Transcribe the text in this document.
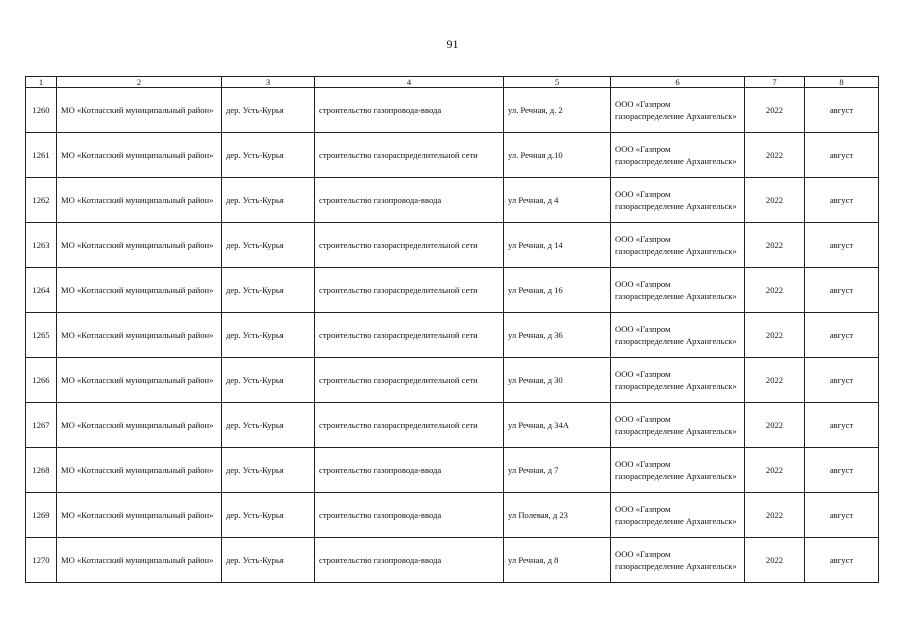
91
1	2	3	4	5	6	7	8
1260	МО «Котласский муниципальный район»	дер. Усть-Курья	строительство газопровода-ввода	ул. Речная, д. 2	ООО «Газпром газораспределение Архангельск»	2022	август
1261	МО «Котласский муниципальный район»	дер. Усть-Курья	строительство газораспределительной сети	ул. Речная д.10	ООО «Газпром газораспределение Архангельск»	2022	август
1262	МО «Котласский муниципальный район»	дер. Усть-Курья	строительство газопровода-ввода	ул Речная, д 4	ООО «Газпром газораспределение Архангельск»	2022	август
1263	МО «Котласский муниципальный район»	дер. Усть-Курья	строительство газораспределительной сети	ул Речная, д 14	ООО «Газпром газораспределение Архангельск»	2022	август
1264	МО «Котласский муниципальный район»	дер. Усть-Курья	строительство газораспределительной сети	ул Речная, д 16	ООО «Газпром газораспределение Архангельск»	2022	август
1265	МО «Котласский муниципальный район»	дер. Усть-Курья	строительство газораспределительной сети	ул Речная, д 36	ООО «Газпром газораспределение Архангельск»	2022	август
1266	МО «Котласский муниципальный район»	дер. Усть-Курья	строительство газораспределительной сети	ул Речная, д 30	ООО «Газпром газораспределение Архангельск»	2022	август
1267	МО «Котласский муниципальный район»	дер. Усть-Курья	строительство газораспределительной сети	ул Речная, д 34А	ООО «Газпром газораспределение Архангельск»	2022	август
1268	МО «Котласский муниципальный район»	дер. Усть-Курья	строительство газопровода-ввода	ул Речная, д 7	ООО «Газпром газораспределение Архангельск»	2022	август
1269	МО «Котласский муниципальный район»	дер. Усть-Курья	строительство газопровода-ввода	ул Полевая, д 23	ООО «Газпром газораспределение Архангельск»	2022	август
1270	МО «Котласский муниципальный район»	дер. Усть-Курья	строительство газопровода-ввода	ул Речная, д 8	ООО «Газпром газораспределение Архангельск»	2022	август
